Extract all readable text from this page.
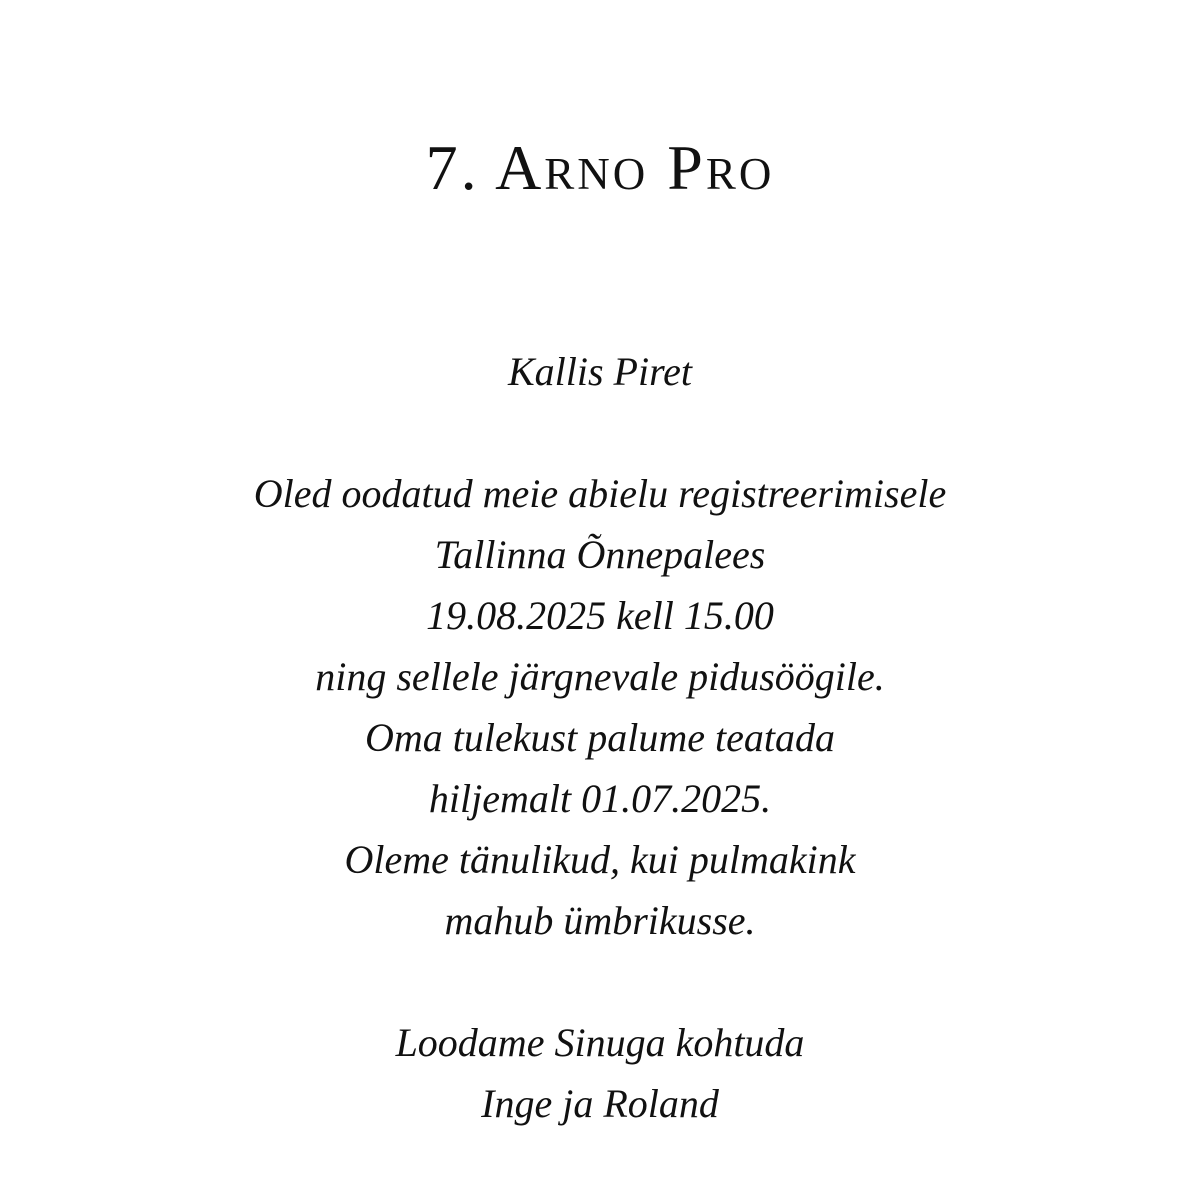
7. Arno Pro
Kallis Piret
Oled oodatud meie abielu registreerimisele
Tallinna Õnnepalees
19.08.2025 kell 15.00
ning sellele järgnevale pidusöögile.
Oma tulekust palume teatada
hiljemalt 01.07.2025.
Oleme tänulikud, kui pulmakink
mahub ümbrikusse.
Loodame Sinuga kohtuda
Inge ja Roland
